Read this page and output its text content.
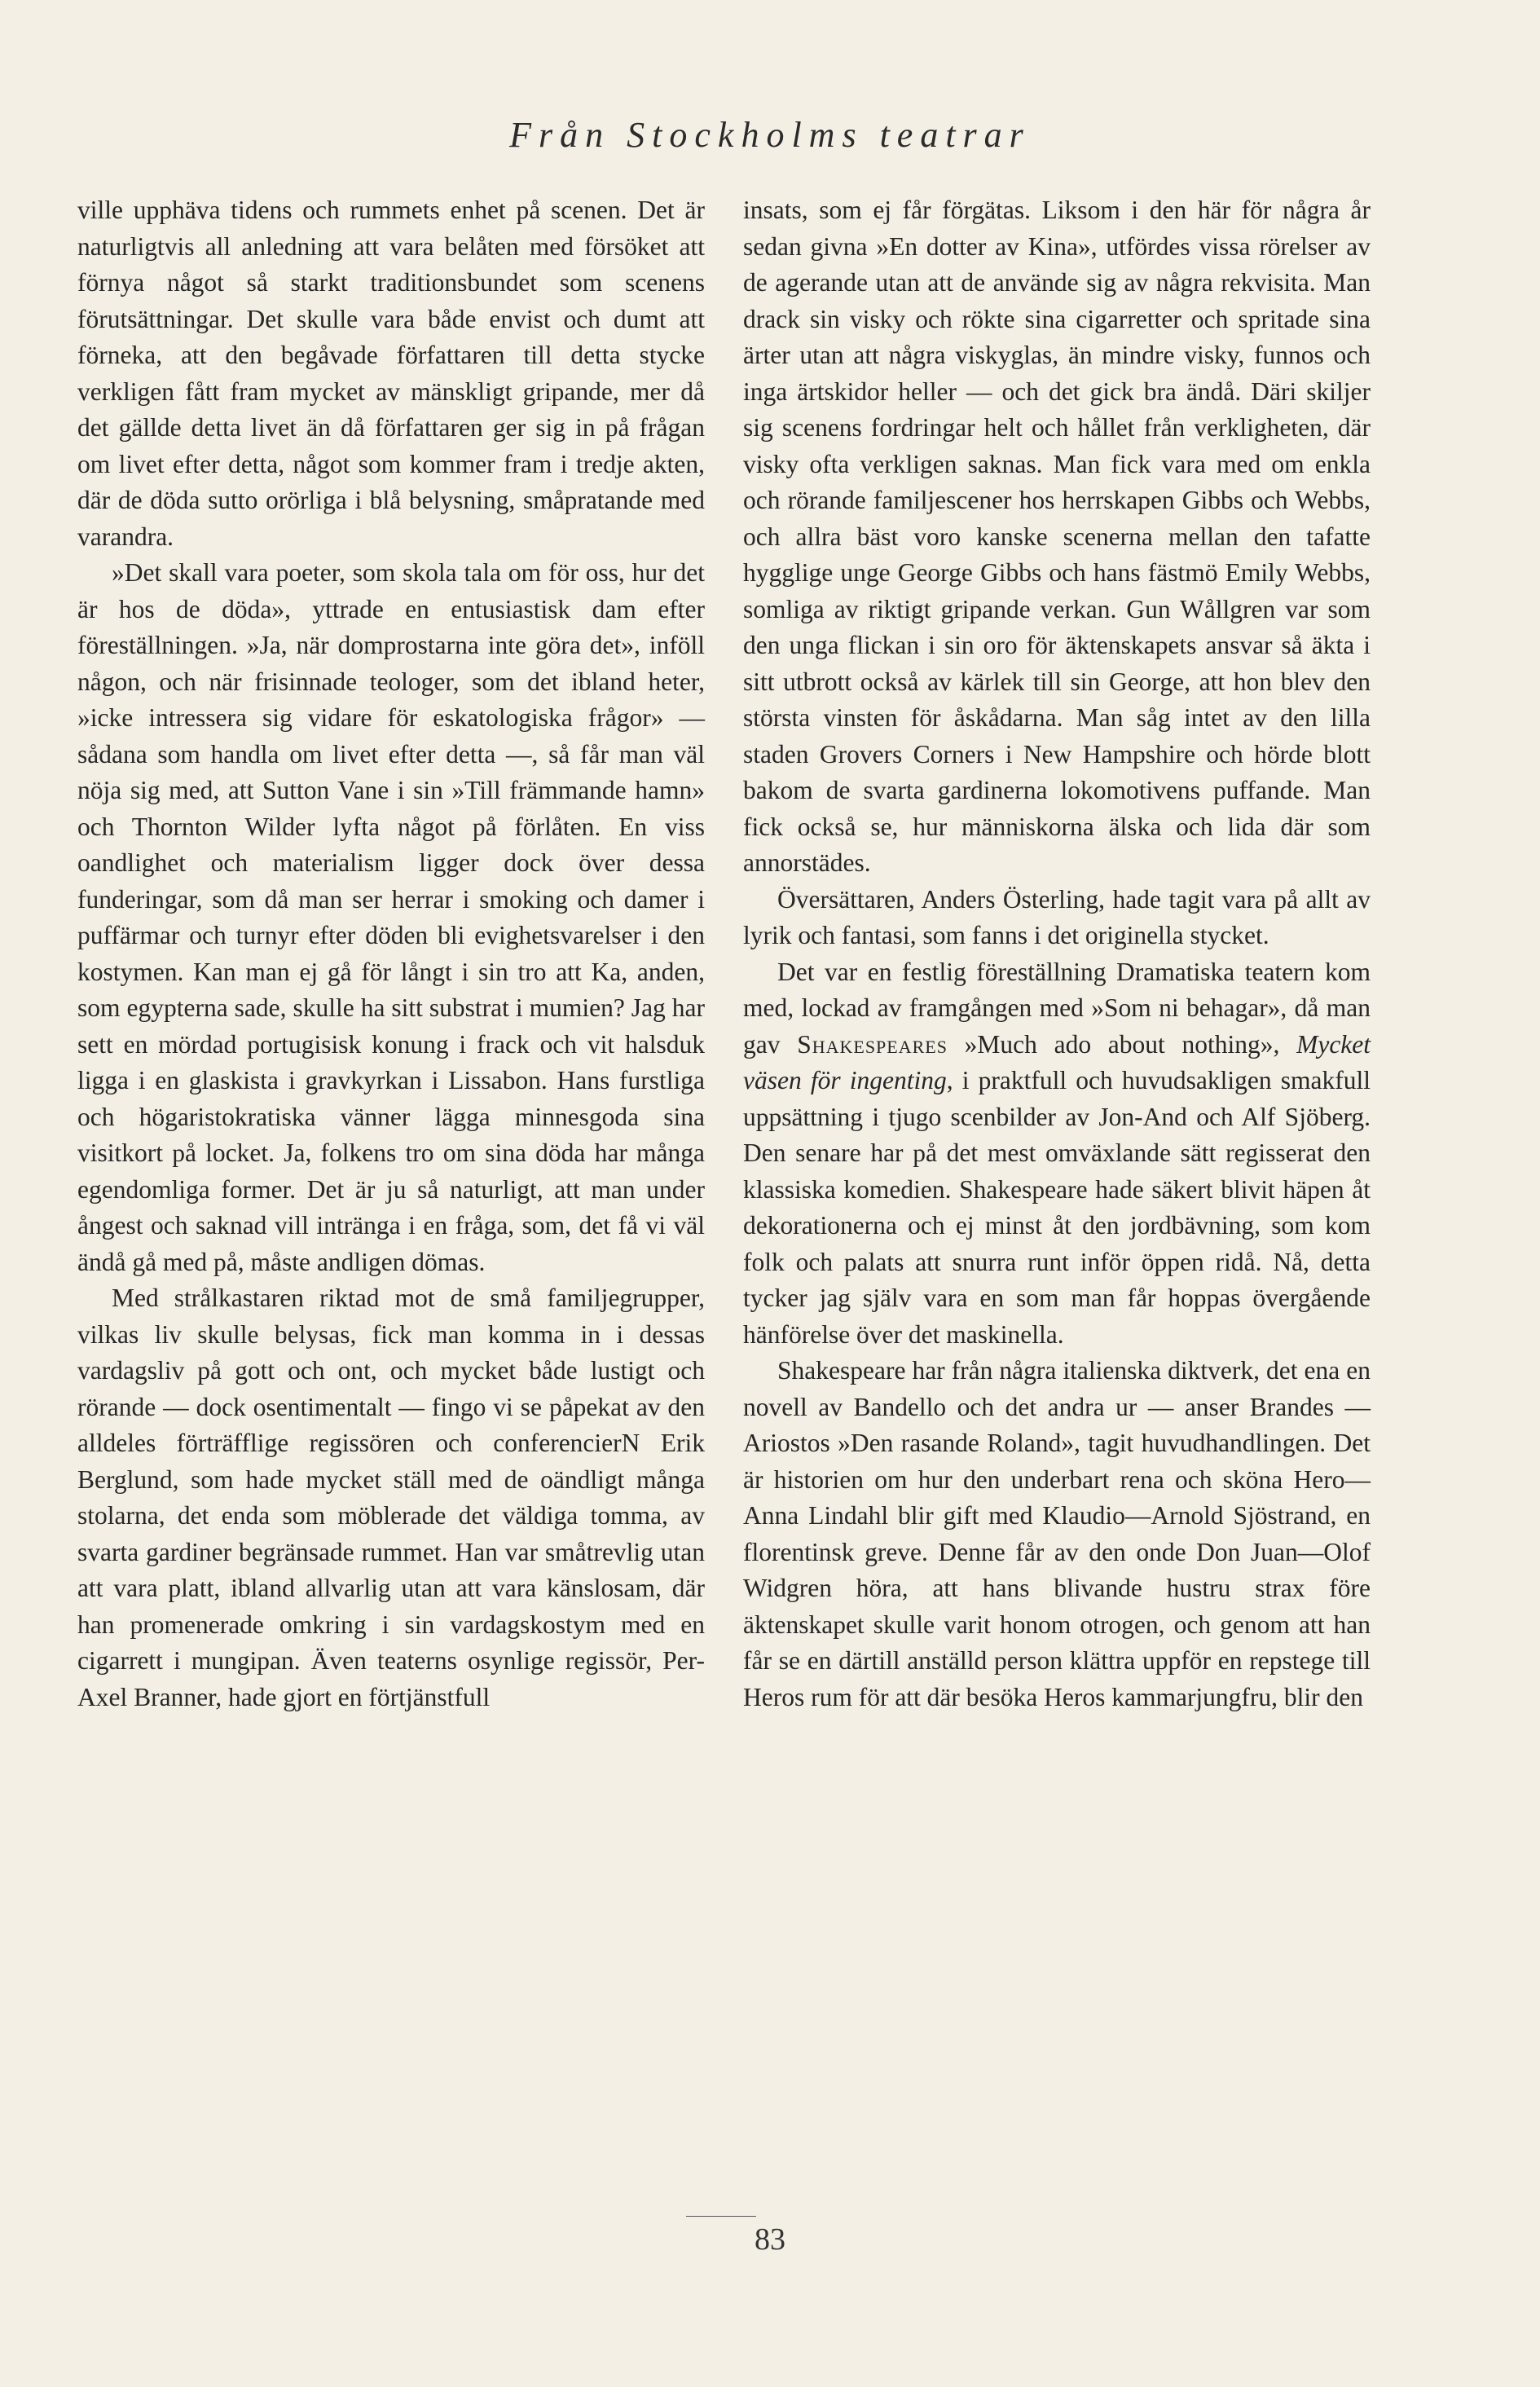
Från Stockholms teatrar

ville upphäva tidens och rummets enhet på scenen. Det är naturligtvis all anledning att vara belåten med försöket att förnya något så starkt traditionsbundet som scenens förutsättningar. Det skulle vara både envist och dumt att förneka, att den begåvade författaren till detta stycke verkligen fått fram mycket av mänskligt gripande, mer då det gällde detta livet än då författaren ger sig in på frågan om livet efter detta, något som kommer fram i tredje akten, där de döda sutto orörliga i blå belysning, småpratande med varandra.

»Det skall vara poeter, som skola tala om för oss, hur det är hos de döda», yttrade en entusiastisk dam efter föreställningen. »Ja, när domprostarna inte göra det», inföll någon, och när frisinnade teologer, som det ibland heter, »icke intressera sig vidare för eskatologiska frågor» — sådana som handla om livet efter detta —, så får man väl nöja sig med, att Sutton Vane i sin »Till främmande hamn» och Thornton Wilder lyfta något på förlåten. En viss oandlighet och materialism ligger dock över dessa funderingar, som då man ser herrar i smoking och damer i puffärmar och turnyr efter döden bli evighetsvarelser i den kostymen. Kan man ej gå för långt i sin tro att Ka, anden, som egypterna sade, skulle ha sitt substrat i mumien? Jag har sett en mördad portugisisk konung i frack och vit halsduk ligga i en glaskista i gravkyrkan i Lissabon. Hans furstliga och högaristokratiska vänner lägga minnesgoda sina visitkort på locket. Ja, folkens tro om sina döda har många egendomliga former. Det är ju så naturligt, att man under ångest och saknad vill intränga i en fråga, som, det få vi väl ändå gå med på, måste andligen dömas.

Med strålkastaren riktad mot de små familjegrupper, vilkas liv skulle belysas, fick man komma in i dessas vardagsliv på gott och ont, och mycket både lustigt och rörande — dock osentimentalt — fingo vi se påpekat av den alldeles förträfflige regissören och conferencierN Erik Berglund, som hade mycket ställ med de oändligt många stolarna, det enda som möblerade det väldiga tomma, av svarta gardiner begränsade rummet. Han var småtrevlig utan att vara platt, ibland allvarlig utan att vara känslosam, där han promenerade omkring i sin vardagskostym med en cigarrett i mungipan. Även teaterns osynlige regissör, Per-Axel Branner, hade gjort en förtjänstfull

insats, som ej får förgätas. Liksom i den här för några år sedan givna »En dotter av Kina», utfördes vissa rörelser av de agerande utan att de använde sig av några rekvisita. Man drack sin visky och rökte sina cigarretter och spritade sina ärter utan att några viskyglas, än mindre visky, funnos och inga ärtskidor heller — och det gick bra ändå. Däri skiljer sig scenens fordringar helt och hållet från verkligheten, där visky ofta verkligen saknas. Man fick vara med om enkla och rörande familjescener hos herrskapen Gibbs och Webbs, och allra bäst voro kanske scenerna mellan den tafatte hygglige unge George Gibbs och hans fästmö Emily Webbs, somliga av riktigt gripande verkan. Gun Wållgren var som den unga flickan i sin oro för äktenskapets ansvar så äkta i sitt utbrott också av kärlek till sin George, att hon blev den största vinsten för åskådarna. Man såg intet av den lilla staden Grovers Corners i New Hampshire och hörde blott bakom de svarta gardinerna lokomotivens puffande. Man fick också se, hur människorna älska och lida där som annorstädes.

Översättaren, Anders Österling, hade tagit vara på allt av lyrik och fantasi, som fanns i det originella stycket.

Det var en festlig föreställning Dramatiska teatern kom med, lockad av framgången med »Som ni behagar», då man gav Shakespeares »Much ado about nothing», Mycket väsen för ingenting, i praktfull och huvudsakligen smakfull uppsättning i tjugo scenbilder av Jon-And och Alf Sjöberg. Den senare har på det mest omväxlande sätt regisserat den klassiska komedien. Shakespeare hade säkert blivit häpen åt dekorationerna och ej minst åt den jordbävning, som kom folk och palats att snurra runt inför öppen ridå. Nå, detta tycker jag själv vara en som man får hoppas övergående hänförelse över det maskinella.

Shakespeare har från några italienska diktverk, det ena en novell av Bandello och det andra ur — anser Brandes — Ariostos »Den rasande Roland», tagit huvudhandlingen. Det är historien om hur den underbart rena och sköna Hero—Anna Lindahl blir gift med Klaudio—Arnold Sjöstrand, en florentinsk greve. Denne får av den onde Don Juan—Olof Widgren höra, att hans blivande hustru strax före äktenskapet skulle varit honom otrogen, och genom att han får se en därtill anställd person klättra uppför en repstege till Heros rum för att där besöka Heros kammarjungfru, blir den

83
